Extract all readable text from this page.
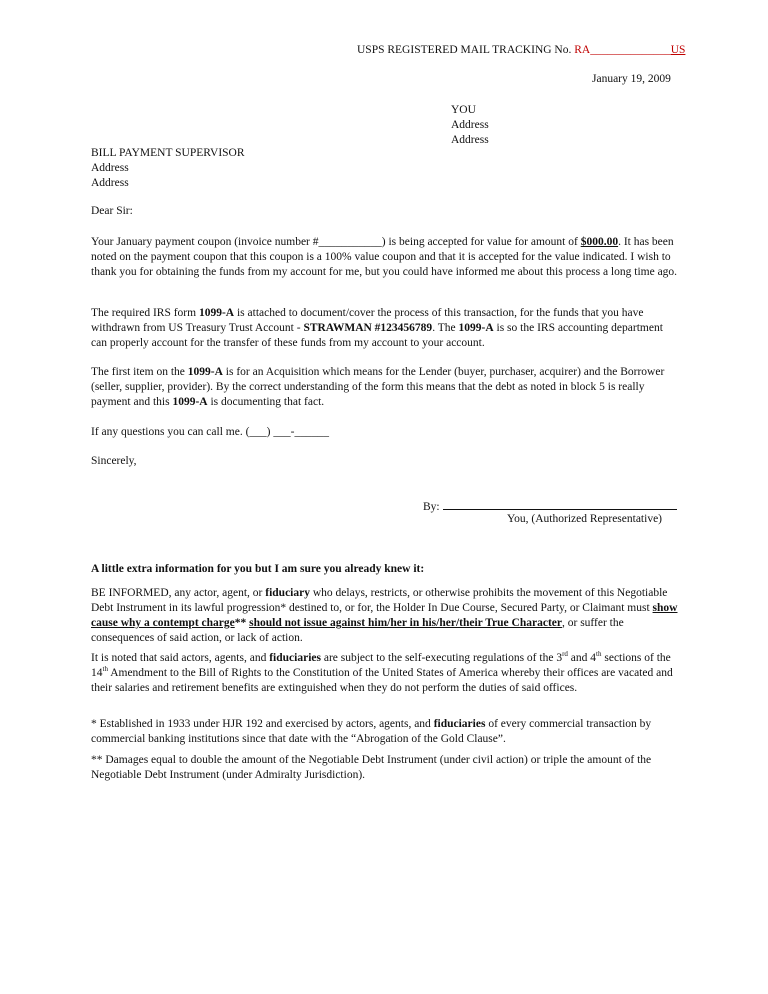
USPS REGISTERED MAIL TRACKING No. RA______________US
January 19, 2009
YOU
Address
Address
BILL PAYMENT SUPERVISOR
Address
Address
Dear Sir:

Your January payment coupon (invoice number #___________) is being accepted for value for amount of $000.00. It has been noted on the payment coupon that this coupon is a 100% value coupon and that it is accepted for the value indicated. I wish to thank you for obtaining the funds from my account for me, but you could have informed me about this process a long time ago.

The required IRS form 1099-A is attached to document/cover the process of this transaction, for the funds that you have withdrawn from US Treasury Trust Account - STRAWMAN #123456789. The 1099-A is so the IRS accounting department can properly account for the transfer of these funds from my account to your account.

The first item on the 1099-A is for an Acquisition which means for the Lender (buyer, purchaser, acquirer) and the Borrower (seller, supplier, provider). By the correct understanding of the form this means that the debt as noted in block 5 is really payment and this 1099-A is documenting that fact.

If any questions you can call me. (___) ___-______

Sincerely,
By:
You, (Authorized Representative)
A little extra information for you but I am sure you already knew it:

BE INFORMED, any actor, agent, or fiduciary who delays, restricts, or otherwise prohibits the movement of this Negotiable Debt Instrument in its lawful progression* destined to, or for, the Holder In Due Course, Secured Party, or Claimant must show cause why a contempt charge** should not issue against him/her in his/her/their True Character, or suffer the consequences of said action, or lack of action.

It is noted that said actors, agents, and fiduciaries are subject to the self-executing regulations of the 3rd and 4th sections of the 14th Amendment to the Bill of Rights to the Constitution of the United States of America whereby their offices are vacated and their salaries and retirement benefits are extinguished when they do not perform the duties of said offices.

* Established in 1933 under HJR 192 and exercised by actors, agents, and fiduciaries of every commercial transaction by commercial banking institutions since that date with the “Abrogation of the Gold Clause”.

** Damages equal to double the amount of the Negotiable Debt Instrument (under civil action) or triple the amount of the Negotiable Debt Instrument (under Admiralty Jurisdiction).
